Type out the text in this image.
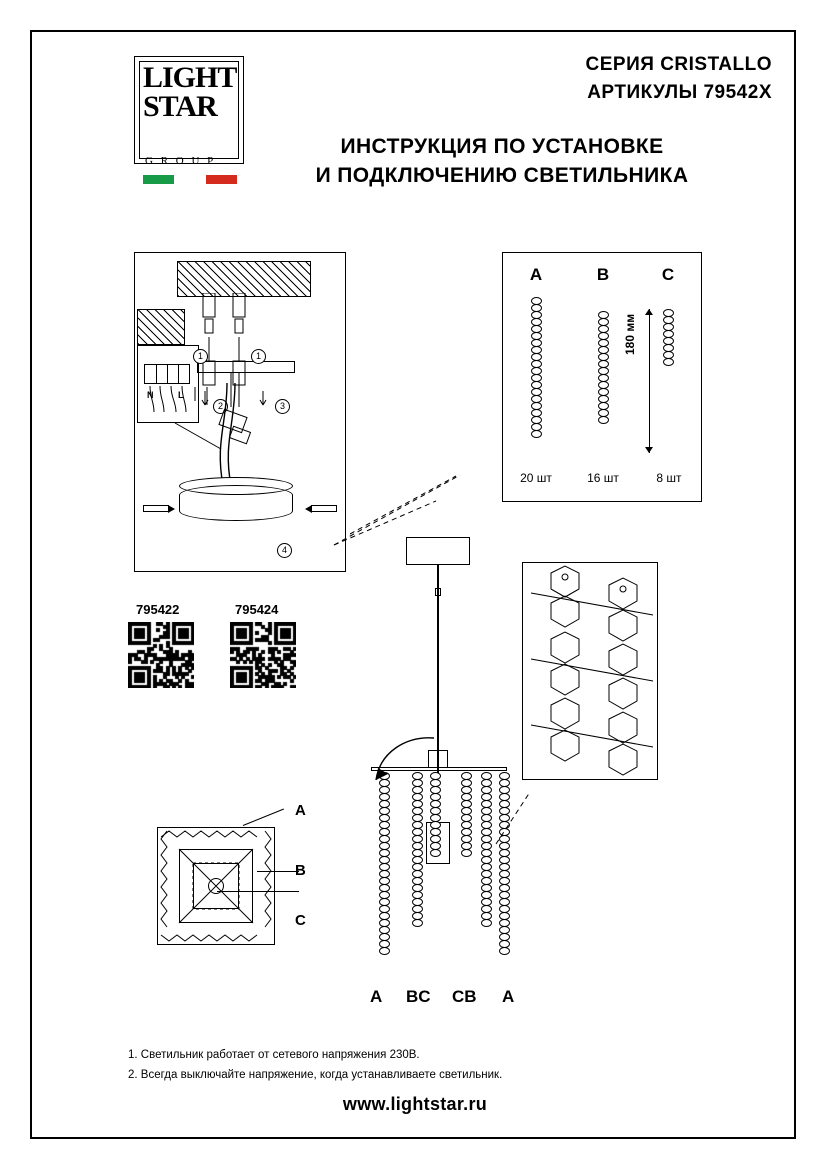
LIGHT
STAR
G R O U P
СЕРИЯ CRISTALLO
АРТИКУЛЫ 79542X
ИНСТРУКЦИЯ ПО УСТАНОВКЕ
И ПОДКЛЮЧЕНИЮ СВЕТИЛЬНИКА
N	L
1	1
2	3
4
A	B	C
180 мм
20 шт	16 шт	8 шт
795422	795424
A
B
C
A BC CB A
1. Светильник работает от сетевого напряжения 230В.
2. Всегда выключайте напряжение, когда устанавливаете светильник.
www.lightstar.ru
